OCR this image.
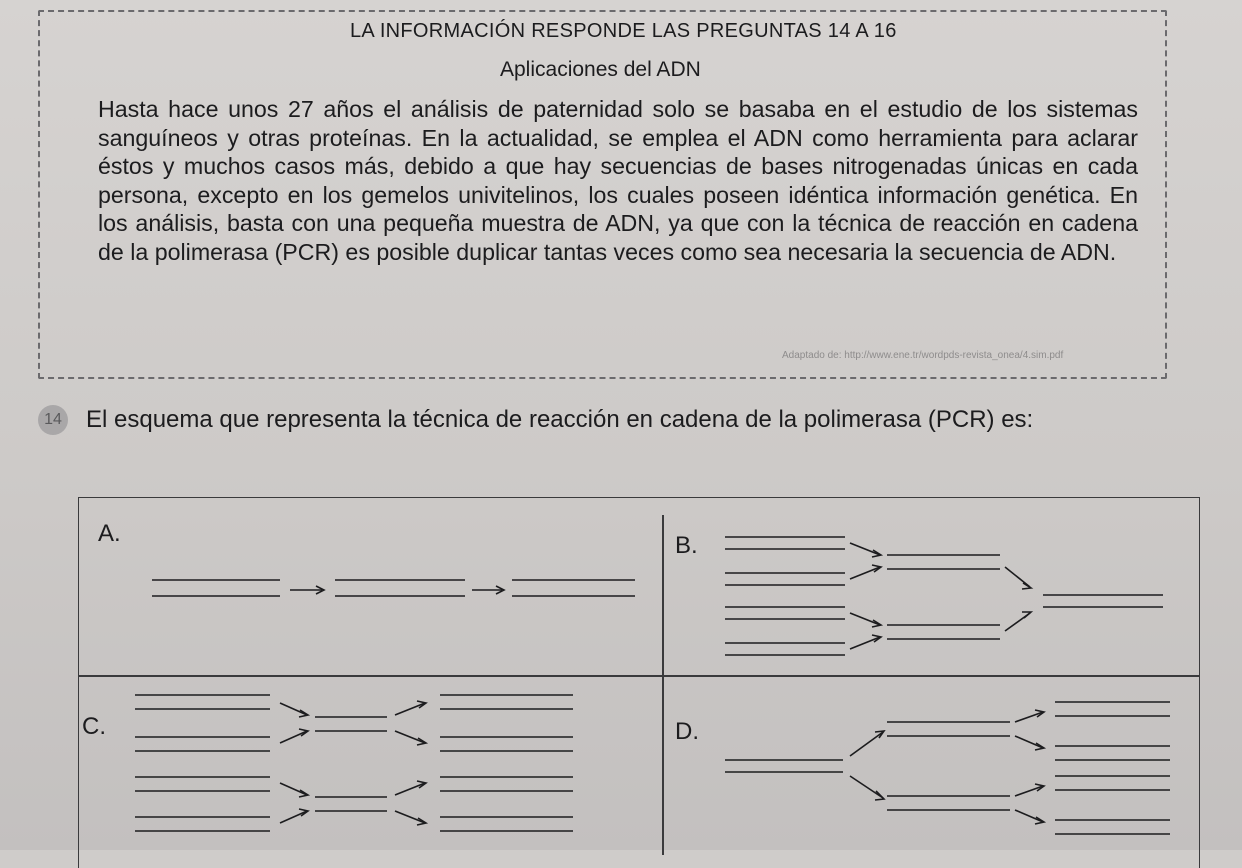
LA INFORMACIÓN RESPONDE LAS PREGUNTAS 14 A 16
Aplicaciones del ADN
Hasta hace unos 27 años el análisis de paternidad solo se basaba en el estudio de los sistemas sanguíneos y otras proteínas. En la actualidad, se emplea el ADN como herramienta para aclarar éstos y muchos casos más, debido a que hay secuencias de bases nitrogenadas únicas en cada persona, excepto en los gemelos univitelinos, los cuales poseen idéntica información genética. En los análisis, basta con una pequeña muestra de ADN, ya que con la técnica de reacción en cadena de la polimerasa (PCR) es posible duplicar tantas veces como sea necesaria la secuencia de ADN.
Adaptado de: http://www.ene.tr/wordpds-revista_onea/4.sim.pdf
14 El esquema que representa la técnica de reacción en cadena de la polimerasa (PCR) es:
A.	B.
C.	D.
